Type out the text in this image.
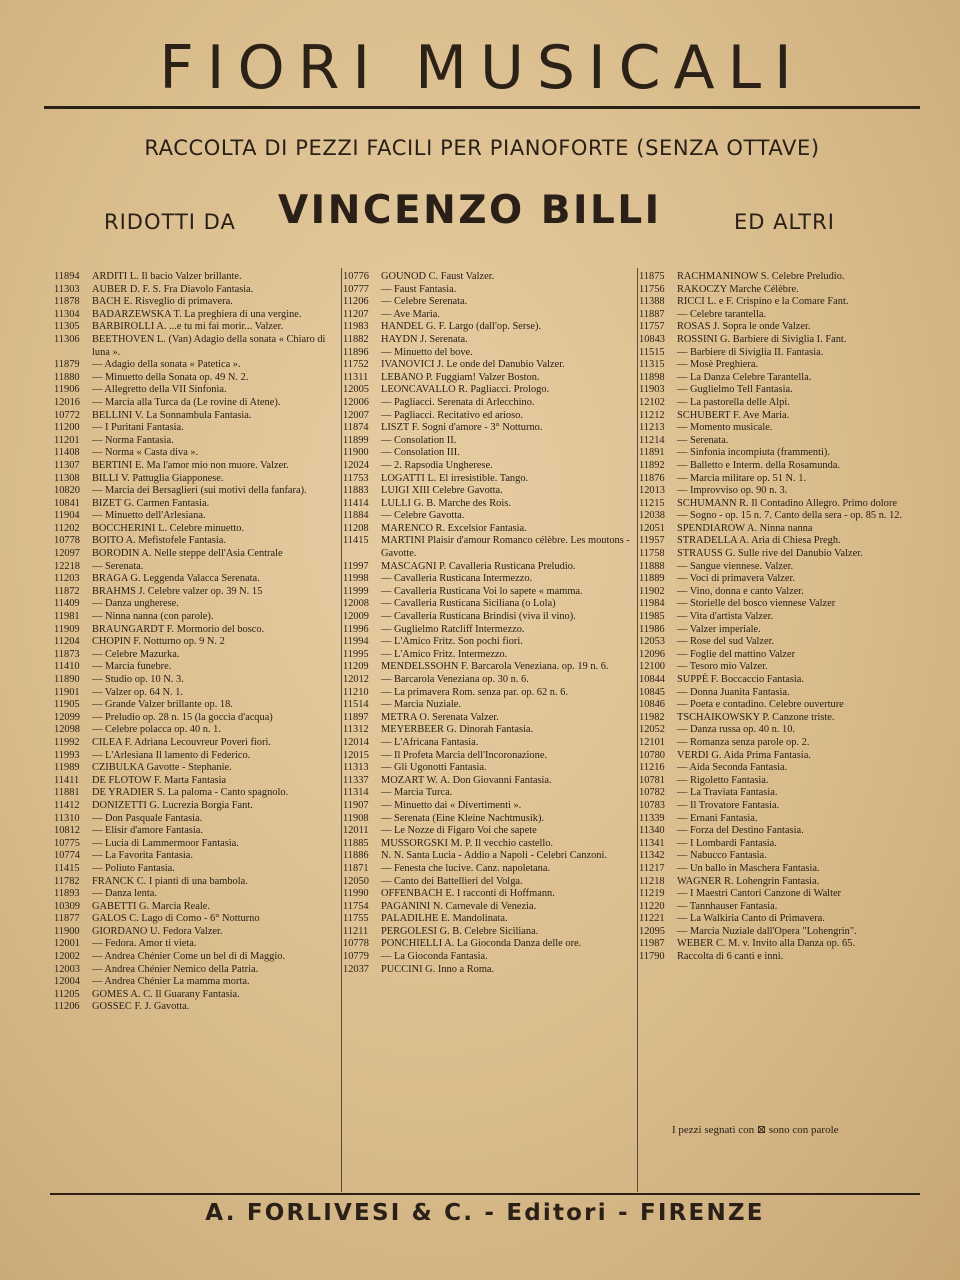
FIORI MUSICALI
RACCOLTA DI PEZZI FACILI PER PIANOFORTE (SENZA OTTAVE)
RIDOTTI DA VINCENZO BILLI	ED ALTRI
11894	ARDITI L. Il bacio Valzer brillante.
11303	AUBER D. F. S. Fra Diavolo Fantasia.
11878	BACH E. Risveglio di primavera.
11304	BADARZEWSKA T. La preghiera di una vergine.
11305	BARBIROLLI A. ...e tu mi fai morir... Valzer.
11306	BEETHOVEN L. (Van) Adagio della sonata « Chiaro di luna ».
11879	— Adagio della sonata « Patetica ».
11880	— Minuetto della Sonata op. 49 N. 2.
11906	— Allegretto della VII Sinfonia.
12016	— Marcia alla Turca da (Le rovine di Atene).
10772	BELLINI V. La Sonnambula Fantasia.
11200	— I Puritani Fantasia.
11201	— Norma Fantasia.
11408	— Norma « Casta diva ».
11307	BERTINI E. Ma l'amor mio non muore. Valzer.
11308	BILLI V. Pattuglia Giapponese.
10820	— Marcia dei Bersaglieri (sui motivi della fanfara).
10841	BIZET G. Carmen Fantasia.
11904	— Minuetto dell'Arlesiana.
11202	BOCCHERINI L. Celebre minuetto.
10778	BOITO A. Mefistofele Fantasia.
12097	BORODIN A. Nelle steppe dell'Asia Centrale
12218	— Serenata.
11203	BRAGA G. Leggenda Valacca Serenata.
11872	BRAHMS J. Celebre valzer op. 39 N. 15
11409	— Danza ungherese.
11981	— Ninna nanna (con parole).
11909	BRAUNGARDT F. Mormorio del bosco.
11204	CHOPIN F. Notturno op. 9 N. 2
11873	— Celebre Mazurka.
11410	— Marcia funebre.
11890	— Studio op. 10 N. 3.
11901	— Valzer op. 64 N. 1.
11905	— Grande Valzer brillante op. 18.
12099	— Preludio op. 28 n. 15 (la goccia d'acqua)
12098	— Celebre polacca op. 40 n. 1.
11992	CILEA F. Adriana Lecouvreur Poveri fiori.
11993	— L'Arlesiana Il lamento di Federico.
11989	CZIBULKA Gavotte - Stephanie.
11411	DE FLOTOW F. Marta Fantasia
11881	DE YRADIER S. La paloma - Canto spagnolo.
11412	DONIZETTI G. Lucrezia Borgia Fant.
11310	— Don Pasquale Fantasia.
10812	— Elisir d'amore Fantasia.
10775	— Lucia di Lammermoor Fantasia.
10774	— La Favorita Fantasia.
11415	— Poliuto Fantasia.
11782	FRANCK C. I pianti di una bambola.
11893	— Danza lenta.
10309	GABETTI G. Marcia Reale.
11877	GALOS C. Lago di Como - 6° Notturno
11900	GIORDANO U. Fedora Valzer.
12001	— Fedora. Amor ti vieta.
12002	— Andrea Chénier Come un bel dì di Maggio.
12003	— Andrea Chénier Nemico della Patria.
12004	— Andrea Chénier La mamma morta.
11205	GOMES A. C. Il Guarany Fantasia.
11206	GOSSEC F. J. Gavotta.
10776	GOUNOD C. Faust Valzer.
10777	— Faust Fantasia.
11206	— Celebre Serenata.
11207	— Ave Maria.
11983	HANDEL G. F. Largo (dall'op. Serse).
11882	HAYDN J. Serenata.
11896	— Minuetto del bove.
11752	IVANOVICI J. Le onde del Danubio Valzer.
11311	LEBANO P. Fuggiam! Valzer Boston.
12005	LEONCAVALLO R. Pagliacci. Prologo.
12006	— Pagliacci. Serenata di Arlecchino.
12007	— Pagliacci. Recitativo ed arioso.
11874	LISZT F. Sogni d'amore - 3° Notturno.
11899	— Consolation II.
11900	— Consolation III.
12024	— 2. Rapsodia Ungherese.
11753	LOGATTI L. El irresistible. Tango.
11883	LUIGI XIII Celebre Gavotta.
11414	LULLI G. B. Marche des Rois.
11884	— Celebre Gavotta.
11208	MARENCO R. Excelsior Fantasia.
11415	MARTINI Plaisir d'amour Romanco célèbre. Les moutons - Gavotte.
11997	MASCAGNI P. Cavalleria Rusticana Preludio.
11998	— Cavalleria Rusticana Intermezzo.
11999	— Cavalleria Rusticana Voi lo sapete « mamma.
12008	— Cavalleria Rusticana Siciliana (o Lola)
12009	— Cavalleria Rusticana Brindisi (viva il vino).
11996	— Guglielmo Ratcliff Intermezzo.
11994	— L'Amico Fritz. Son pochi fiori.
11995	— L'Amico Fritz. Intermezzo.
11209	MENDELSSOHN F. Barcarola Veneziana. op. 19 n. 6.
12012	— Barcarola Veneziana op. 30 n. 6.
11210	— La primavera Rom. senza par. op. 62 n. 6.
11514	— Marcia Nuziale.
11897	METRA O. Serenata Valzer.
11312	MEYERBEER G. Dinorah Fantasia.
12014	— L'Africana Fantasia.
12015	— Il Profeta Marcia dell'Incoronazione.
11313	— Gli Ugonotti Fantasia.
11337	MOZART W. A. Don Giovanni Fantasia.
11314	— Marcia Turca.
11907	— Minuetto dai « Divertimenti ».
11908	— Serenata (Eine Kleine Nachtmusik).
12011	— Le Nozze di Figaro Voi che sapete
11885	MUSSORGSKI M. P. Il vecchio castello.
11886	N. N. Santa Lucia - Addio a Napoli - Celebri Canzoni.
11871	— Fenesta che lucive. Canz. napoletana.
12050	— Canto dei Battellieri del Volga.
11990	OFFENBACH E. I racconti di Hoffmann.
11754	PAGANINI N. Carnevale di Venezia.
11755	PALADILHE E. Mandolinata.
11211	PERGOLESI G. B. Celebre Siciliana.
10778	PONCHIELLI A. La Gioconda Danza delle ore.
10779	— La Gioconda Fantasia.
12037	PUCCINI G. Inno a Roma.
11875	RACHMANINOW S. Celebre Preludio.
11756	RAKOCZY Marche Célèbre.
11388	RICCI L. e F. Crispino e la Comare Fant.
11887	— Celebre tarantella.
11757	ROSAS J. Sopra le onde Valzer.
10843	ROSSINI G. Barbiere di Siviglia I. Fant.
11515	— Barbiere di Siviglia II. Fantasia.
11315	— Mosè Preghiera.
11898	— La Danza Celebre Tarantella.
11903	— Guglielmo Tell Fantasia.
12102	— La pastorella delle Alpi.
11212	SCHUBERT F. Ave Maria.
11213	— Momento musicale.
11214	— Serenata.
11891	— Sinfonia incompiuta (frammenti).
11892	— Balletto e Interm. della Rosamunda.
11876	— Marcia militare op. 51 N. 1.
12013	— Improvviso op. 90 n. 3.
11215	SCHUMANN R. Il Contadino Allegro. Primo dolore
12038	— Sogno - op. 15 n. 7. Canto della sera - op. 85 n. 12.
12051	SPENDIAROW A. Ninna nanna
11957	STRADELLA A. Aria di Chiesa Pregh.
11758	STRAUSS G. Sulle rive del Danubio Valzer.
11888	— Sangue viennese. Valzer.
11889	— Voci di primavera Valzer.
11902	— Vino, donna e canto Valzer.
11984	— Storielle del bosco viennese Valzer
11985	— Vita d'artista Valzer.
11986	— Valzer imperiale.
12053	— Rose del sud Valzer.
12096	— Foglie del mattino Valzer
12100	— Tesoro mio Valzer.
10844	SUPPÈ F. Boccaccio Fantasia.
10845	— Donna Juanita Fantasia.
10846	— Poeta e contadino. Celebre ouverture
11982	TSCHAIKOWSKY P. Canzone triste.
12052	— Danza russa op. 40 n. 10.
12101	— Romanza senza parole op. 2.
10780	VERDI G. Aida Prima Fantasia.
11216	— Aida Seconda Fantasia.
10781	— Rigoletto Fantasia.
10782	— La Traviata Fantasia.
10783	— Il Trovatore Fantasia.
11339	— Ernani Fantasia.
11340	— Forza del Destino Fantasia.
11341	— I Lombardi Fantasia.
11342	— Nabucco Fantasia.
11217	— Un ballo in Maschera Fantasia.
11218	WAGNER R. Lohengrin Fantasia.
11219	— I Maestri Cantori Canzone di Walter
11220	— Tannhauser Fantasia.
11221	— La Walkiria Canto di Primavera.
12095	— Marcia Nuziale dall'Opera "Lohengrin".
11987	WEBER C. M. v. Invito alla Danza op. 65.
11790	Raccolta di 6 canti e inni.
I pezzi segnati con ⊠ sono con parole
A. FORLIVESI & C. - Editori - FIRENZE
